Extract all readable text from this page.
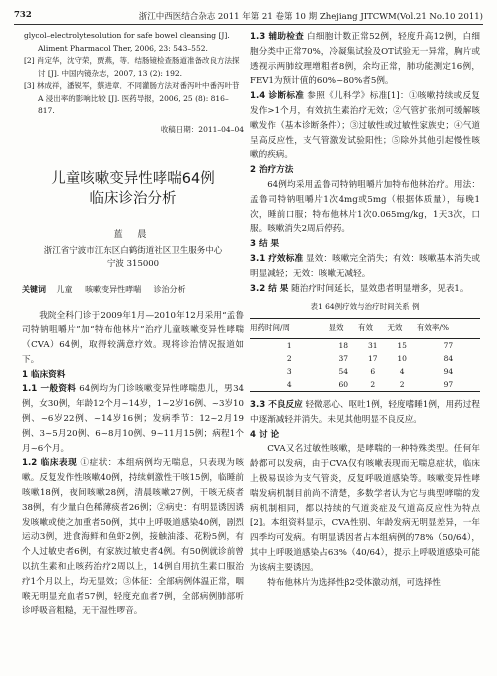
732	浙江中西医结合杂志 2011 年第 21 卷第 10 期 Zhejiang JITCWM(Vol.21 No.10 2011)

glycol–electrolytesolution for safe bowel cleansing [J]. Aliment Pharmacol Ther, 2006, 23: 543–552.

[2] 肖定华，沈守荣，贾燕，等．结肠镜检查肠道准备改良方法探讨 [J]. 中国内镜杂志，2007, 13 (2): 192.

[3] 林成祥，潘锐军，蔡进章．不同灌肠方法对番泻叶中番泻叶苷 A 浸出率的影响比较 [J]. 医药导报，2006, 25 (8): 816–817.

收稿日期：2011–04–04
儿童咳嗽变异性哮喘64例
临床诊治分析
蓝 晨
浙江省宁波市江东区白鹤街道社区卫生服务中心
宁波 315000
关键词 儿童 咳嗽变异性哮喘 诊治分析

我院全科门诊于2009年1月—2010年12月采用“孟鲁司特钠咀嚼片”加“特布他林片”治疗儿童咳嗽变异性哮喘（CVA）64例，取得较满意疗效。现将诊治情况报道如下。

1 临床资料

1.1 一般资料 64例均为门诊咳嗽变异性哮喘患儿，男34例，女30例，年龄12个月~14岁，1~2岁16例、~3岁10例、~6岁22例、~14岁16例；发病季节：12~2月19例、3~5月20例、6~8月10例、9~11月15例；病程1个月~6个月。

1.2 临床表现 ①症状：本组病例均无喘息，只表现为咳嗽。反复发作性咳嗽40例，持续刺激性干咳15例，临睡前咳嗽18例，夜间咳嗽28例，清晨咳嗽27例，干咳无痰者38例，有少量白色稀薄痰者26例；②病史：有明显诱因诱发咳嗽或使之加重者50例，其中上呼吸道感染40例，剧烈运动3例，进食海鲜和鱼虾2例，接触油漆、花粉5例，有个人过敏史者6例，有家族过敏史者4例。有50例就诊前曾以抗生素和止咳药治疗2周以上，14例自用抗生素口服治疗1个月以上，均无显效；③体征：全部病例体温正常，咽喉无明显充血者57例，轻度充血者7例，全部病例肺部听诊呼吸音粗糙，无干湿性啰音。

1.3 辅助检查 白细胞计数正常52例，轻度升高12例，白细胞分类中正常70%，冷凝集试验及OT试验无一异常，胸片或透视示两肺纹理增粗者8例，余均正常，肺功能测定16例，FEV1为预计值的60%~80%者5例。

1.4 诊断标准 参照《儿科学》标准[1]：①咳嗽持续或反复发作>1个月，有效抗生素治疗无效；②气管扩张剂可缓解咳嗽发作（基本诊断条件）；③过敏性或过敏性家族史；④气道呈高反应性，支气管激发试验阳性；⑤除外其他引起慢性咳嗽的疾病。

2 治疗方法

64例均采用孟鲁司特钠咀嚼片加特布他林治疗。用法：孟鲁司特钠咀嚼片1次4mg或5mg（根据体质量），每晚1次，睡前口服；特布他林片1次0.065mg/kg，1天3次，口服。咳嗽消失2周后停药。

3 结 果

3.1 疗效标准 显效：咳嗽完全消失；有效：咳嗽基本消失或明显减轻；无效：咳嗽无减轻。

3.2 结 果 随治疗时间延长，显效患者明显增多，见表1。

表1 64例疗效与治疗时间关系 例
用药时间/周	显效	有效	无效	有效率/%
1	18	31	15	77
2	37	17	10	84
3	54	6	4	94
4	60	2	2	97

3.3 不良反应 轻微恶心、呕吐1例，轻度嗜睡1例，用药过程中逐渐减轻并消失。未见其他明显不良反应。

4 讨 论

CVA又名过敏性咳嗽，是哮喘的一种特殊类型。任何年龄都可以发病，由于CVA仅有咳嗽表现而无喘息症状，临床上极易误诊为支气管炎，反复呼吸道感染等。咳嗽变异性哮喘发病机制目前尚不清楚，多数学者认为它与典型哮喘的发病机制相同，都以持续的气道炎症及气道高反应性为特点[2]。本组资料显示，CVA性别、年龄发病无明显差异，一年四季均可发病。有明显诱因者占本组病例的78%（50/64），其中上呼吸道感染占63%（40/64），提示上呼吸道感染可能为该病主要诱因。

特布他林片为选择性β2受体激动剂，可选择性
